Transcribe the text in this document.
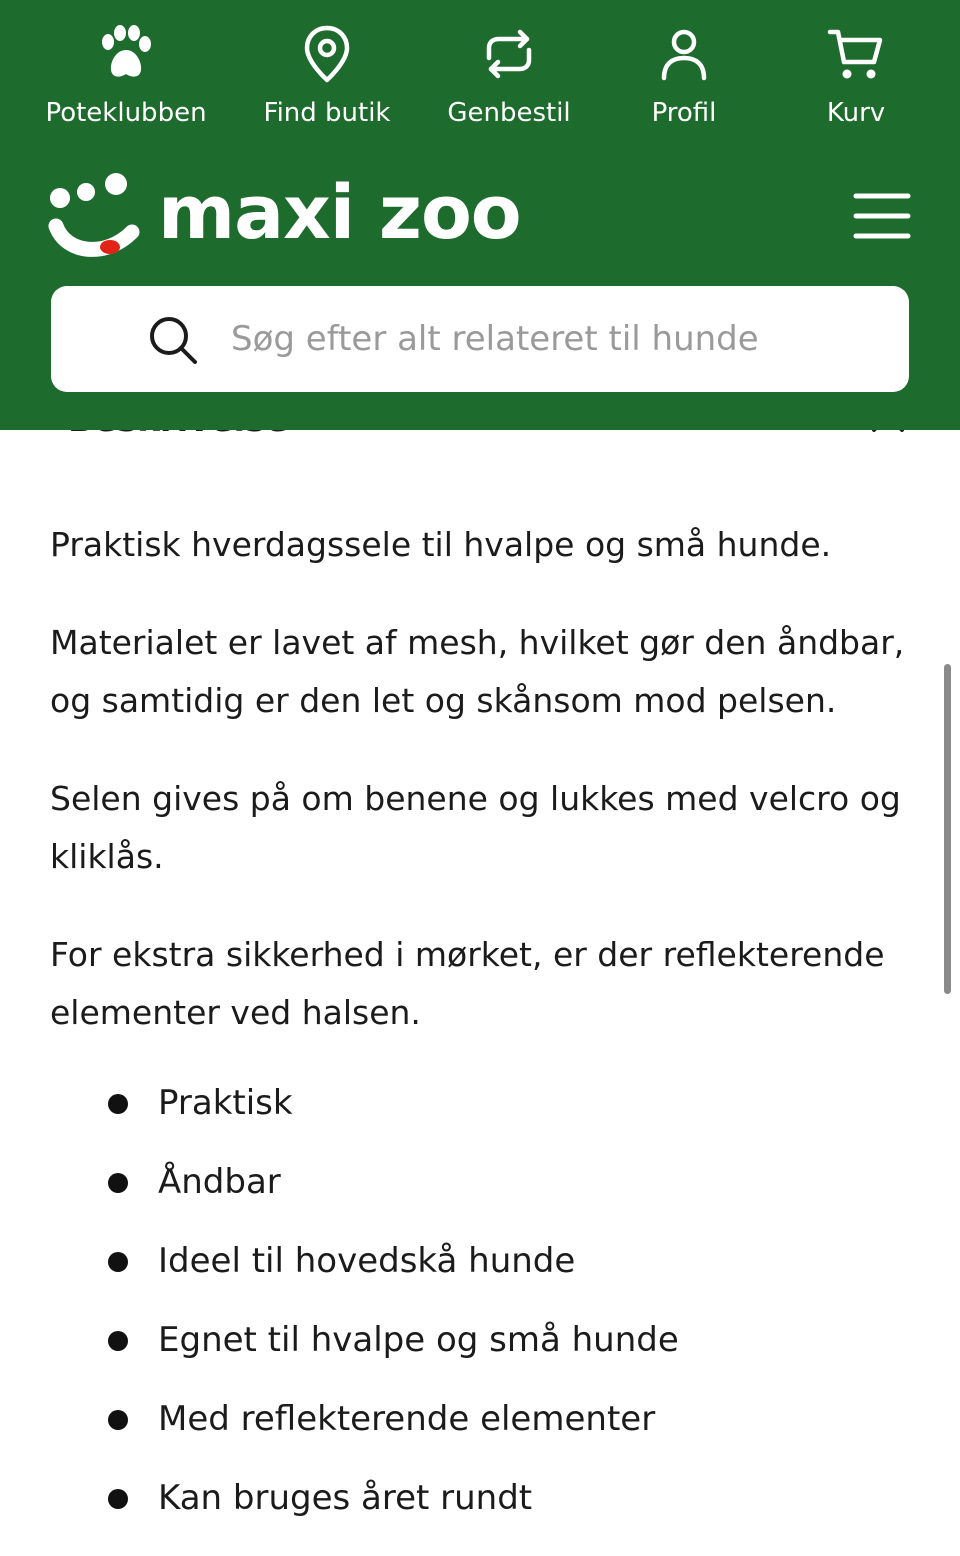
Poteklubben	Find butik	Genbestil	Profil	Kurv
maxi zoo
Søg efter alt relateret til hunde

Praktisk hverdagssele til hvalpe og små hunde.

Materialet er lavet af mesh, hvilket gør den åndbar, og samtidig er den let og skånsom mod pelsen.

Selen gives på om benene og lukkes med velcro og kliklås.

For ekstra sikkerhed i mørket, er der reflekterende elementer ved halsen.

Praktisk
Åndbar
Ideel til hovedskå hunde
Egnet til hvalpe og små hunde
Med reflekterende elementer
Kan bruges året rundt
